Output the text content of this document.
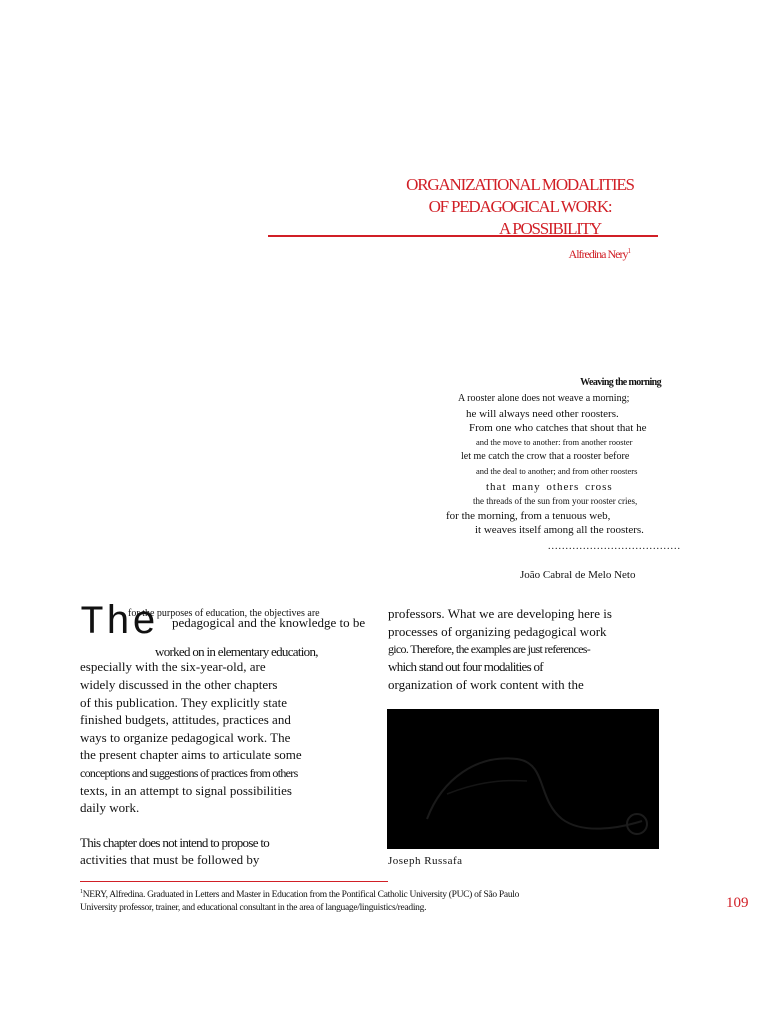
ORGANIZATIONAL MODALITIES
OF PEDAGOGICAL WORK:
A POSSIBILITY
Alfredina Nery$^1$
Weaving the morning
A rooster alone does not weave a morning;
he will always need other roosters.
From one who catches that shout that he
and the move to another: from another rooster
let me catch the crow that a rooster before
and the deal to another; and from other roosters
that many others cross
the threads of the sun from your rooster cries,
for the morning, from a tenuous web,
it weaves itself among all the roosters.
......................................
João Cabral de Melo Neto
The
for the purposes of education, the objectives are
pedagogical and the knowledge to be
worked on in elementary education,
especially with the six-year-old, are
widely discussed in the other chapters
of this publication. They explicitly state
finished budgets, attitudes, practices and
ways to organize pedagogical work. The
the present chapter aims to articulate some
conceptions and suggestions of practices from others
texts, in an attempt to signal possibilities
daily work.
This chapter does not intend to propose to
activities that must be followed by
professors. What we are developing here is
processes of organizing pedagogical work
gico. Therefore, the examples are just references-
which stand out four modalities of
organization of work content with the
Joseph Russafa
$^1$NERY, Alfredina. Graduated in Letters and Master in Education from the Pontifical Catholic University (PUC) of São Paulo
University professor, trainer, and educational consultant in the area of language/linguistics/reading.	109
